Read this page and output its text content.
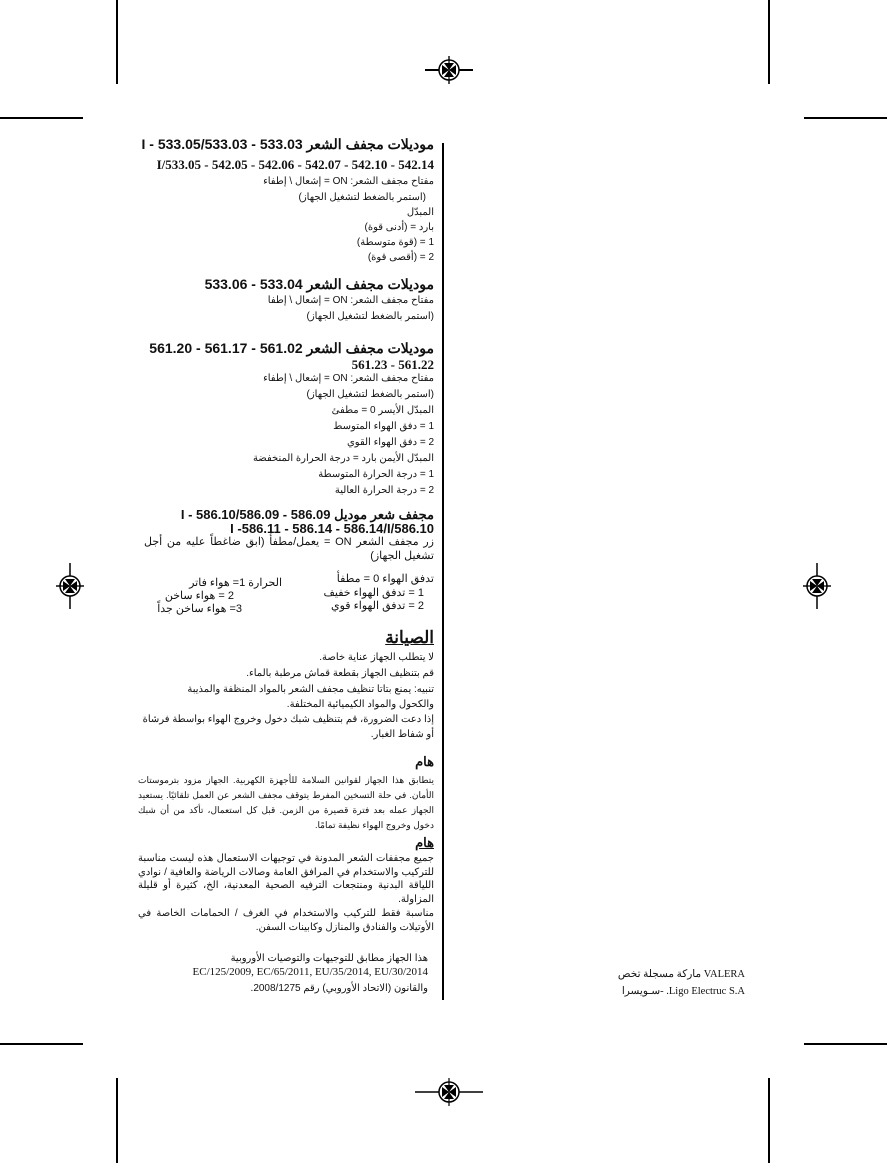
موديلات مجفف الشعر 533.03 - 533.03/I - 533.05
542.14 - 542.10 - 542.07 - 542.06 - 542.05 - 533.05/I
مفتاح مجفف الشعر: ON = إشعال \ إطفاء
(استمر بالضغط لتشغيل الجهاز)
المبدّل
بارد = (أدنى قوة)
1 = (قوة متوسطة)
2 = (أقصى قوة)
موديلات مجفف الشعر 533.04 - 533.06
مفتاح مجفف الشعر: ON = إشعال \ إطفا
(استمر بالضغط لتشغيل الجهاز)
موديلات مجفف الشعر 561.02 - 561.17 - 561.20
561.22 - 561.23
مفتاح مجفف الشعر: ON = إشعال \ إطفاء
(استمر بالضغط لتشغيل الجهاز)
المبدّل الأيسر 0 = مطفئ
1 = دفق الهواء المتوسط
2 = دفق الهواء القوي
المبدّل الأيمن بارد = درجة الحرارة المنخفضة
1 = درجة الحرارة المتوسطة
2 = درجة الحرارة العالية
مجفف شعر موديل 586.09 - 586.09/I - 586.10
586.10/I -586.11 - 586.14 - 586.14/I
زر مجفف الشعر ON = يعمل/مطفأ (ابق ضاغطاً عليه من أجل تشغيل الجهاز)
تدفق الهواء 0 = مطفأ
1 = تدفق الهواء خفيف
2 = تدفق الهواء قوي
الحرارة 1= هواء فاتر
2 = هواء ساخن
3= هواء ساخن جداً
الصيانة
لا يتطلب الجهاز عناية خاصة.
قم بتنظيف الجهاز بقطعة قماش مرطبة بالماء.
تنبيه: يمنع بتاتا تنظيف مجفف الشعر بالمواد المنظفة والمذيبة
والكحول والمواد الكيميائية المختلفة.
إذا دعت الضرورة، قم بتنظيف شبك دخول وخروج الهواء بواسطة فرشاة
أو شفاط الغبار.
هام
يتطابق هذا الجهاز لقوانين السلامة للأجهزة الكهربية. الجهاز مزود بترموستات الأمان. في حلة التسخين المفرط يتوقف مجفف الشعر عن العمل تلقائيًا. يستعيد الجهاز عمله بعد فترة قصيرة من الزمن. قبل كل استعمال، تأكد من أن شبك دخول وخروج الهواء نظيفة تمامًا.
هام
جميع مجففات الشعر المدونة في توجيهات الاستعمال هذه ليست مناسبة للتركيب والاستخدام في المرافق العامة وصالات الرياضة والعافية / نوادي اللياقة البدنية ومنتجعات الترفيه الصحية المعدنية، الخ، كثيرة أو قليلة المزاولة.
مناسبة فقط للتركيب والاستخدام في الغرف / الحمامات الخاصة في الأوتيلات والفنادق والمنازل وكابينات السفن.
هذا الجهاز مطابق للتوجيهات والتوصيات الأوروبية
EC/125/2009, EC/65/2011, EU/35/2014, EU/30/2014
والقانون (الاتحاد الأوروبي) رقم 2008/1275.
VALERA ماركة مسجلة تخص
Ligo Electruc S.A. -سـويسرا
